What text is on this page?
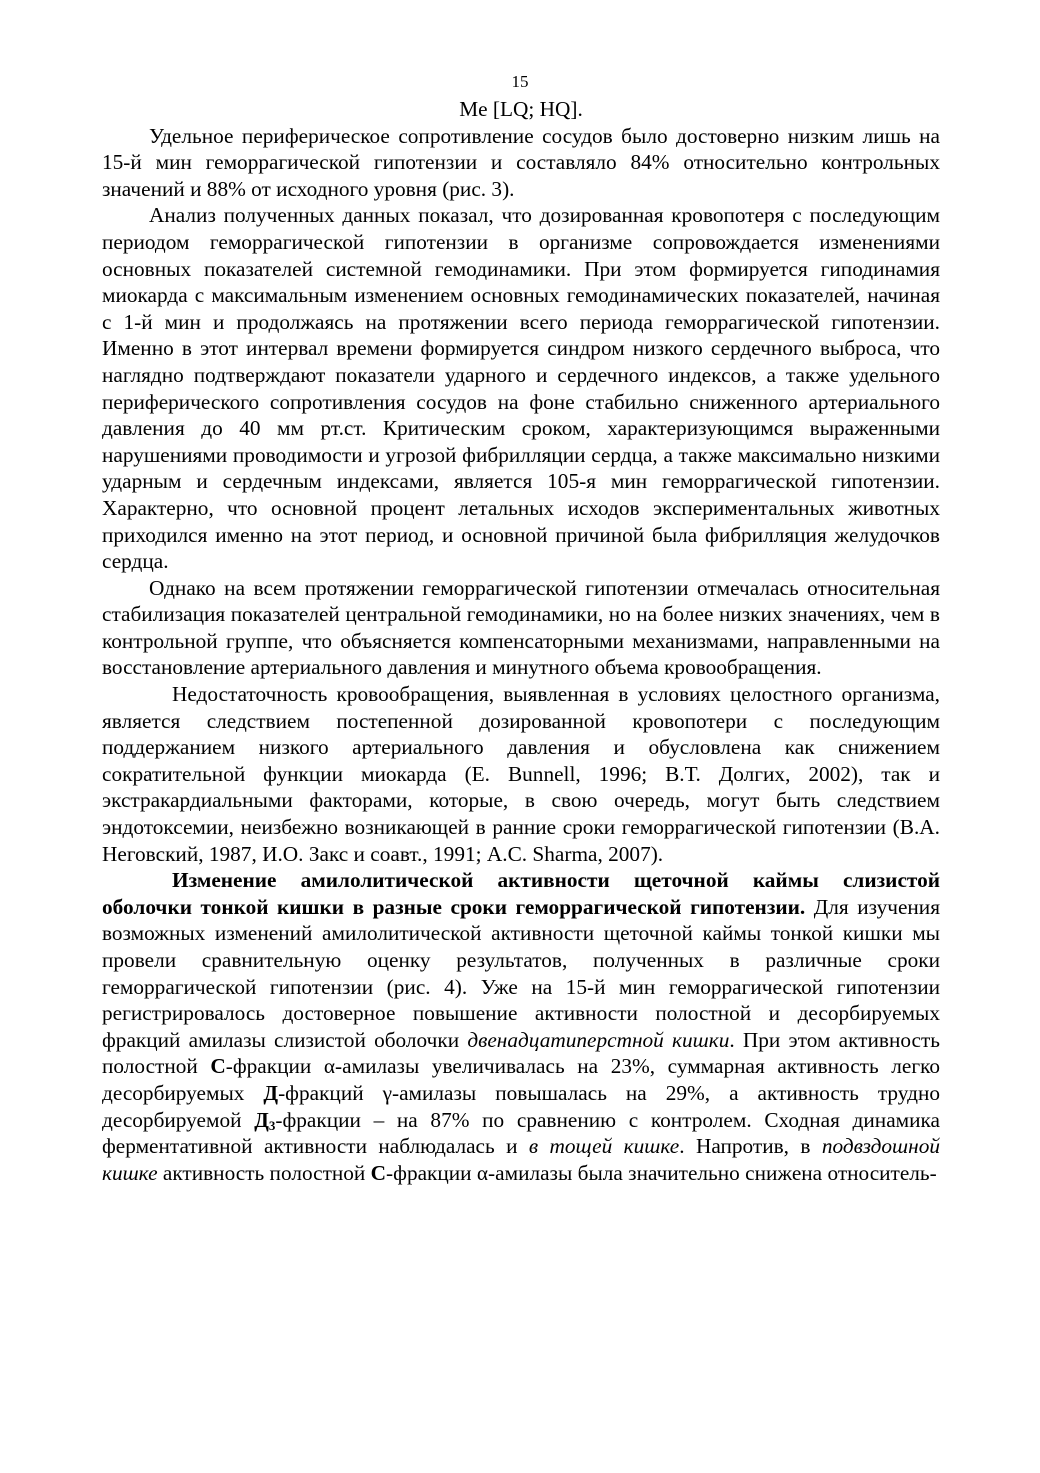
15

Me [LQ; HQ].

Удельное периферическое сопротивление сосудов было достоверно низким лишь на 15-й мин геморрагической гипотензии и составляло 84% относительно контрольных значений и 88% от исходного уровня (рис. 3).

Анализ полученных данных показал, что дозированная кровопотеря с последующим периодом геморрагической гипотензии в организме сопровождается изменениями основных показателей системной гемодинамики. При этом формируется гиподинамия миокарда с максимальным изменением основных гемодинамических показателей, начиная с 1-й мин и продолжаясь на протяжении всего периода геморрагической гипотензии. Именно в этот интервал времени формируется синдром низкого сердечного выброса, что наглядно подтверждают показатели ударного и сердечного индексов, а также удельного периферического сопротивления сосудов на фоне стабильно сниженного артериального давления до 40 мм рт.ст. Критическим сроком, характеризующимся выраженными нарушениями проводимости и угрозой фибрилляции сердца, а также максимально низкими ударным и сердечным индексами, является 105-я мин геморрагической гипотензии. Характерно, что основной процент летальных исходов экспериментальных животных приходился именно на этот период, и основной причиной была фибрилляция желудочков сердца.

Однако на всем протяжении геморрагической гипотензии отмечалась относительная стабилизация показателей центральной гемодинамики, но на более низких значениях, чем в контрольной группе, что объясняется компенсаторными механизмами, направленными на восстановление артериального давления и минутного объема кровообращения.

Недостаточность кровообращения, выявленная в условиях целостного организма, является следствием постепенной дозированной кровопотери с последующим поддержанием низкого артериального давления и обусловлена как снижением сократительной функции миокарда (E. Bunnell, 1996; В.Т. Долгих, 2002), так и экстракардиальными факторами, которые, в свою очередь, могут быть следствием эндотоксемии, неизбежно возникающей в ранние сроки геморрагической гипотензии (В.А. Неговский, 1987, И.О. Закс и соавт., 1991; A.C. Sharma, 2007).

Изменение амилолитической активности щеточной каймы слизистой оболочки тонкой кишки в разные сроки геморрагической гипотензии. Для изучения возможных изменений амилолитической активности щеточной каймы тонкой кишки мы провели сравнительную оценку результатов, полученных в различные сроки геморрагической гипотензии (рис. 4). Уже на 15-й мин геморрагической гипотензии регистрировалось достоверное повышение активности полостной и десорбируемых фракций амилазы слизистой оболочки двенадцатиперстной кишки. При этом активность полостной С-фракции α-амилазы увеличивалась на 23%, суммарная активность легко десорбируемых Д-фракций γ-амилазы повышалась на 29%, а активность трудно десорбируемой $Д_3$-фракции – на 87% по сравнению с контролем. Сходная динамика ферментативной активности наблюдалась и в тощей кишке. Напротив, в подвздошной кишке активность полостной С-фракции α-амилазы была значительно снижена относитель-
